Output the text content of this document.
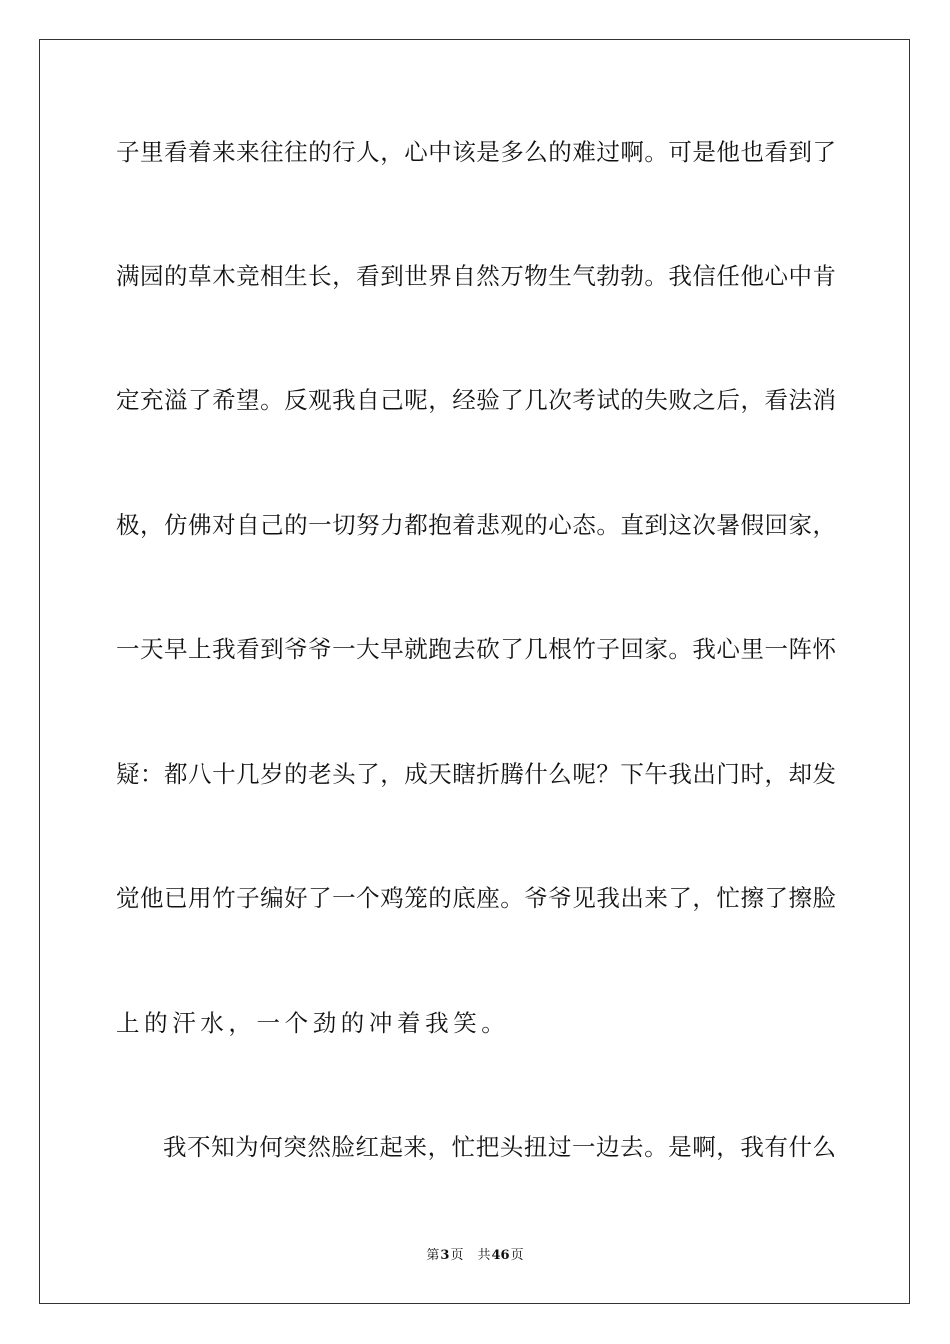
子里看着来来往往的行人，心中该是多么的难过啊。可是他也看到了
满园的草木竞相生长，看到世界自然万物生气勃勃。我信任他心中肯
定充溢了希望。反观我自己呢，经验了几次考试的失败之后，看法消
极，仿佛对自己的一切努力都抱着悲观的心态。直到这次暑假回家，
一天早上我看到爷爷一大早就跑去砍了几根竹子回家。我心里一阵怀
疑：都八十几岁的老头了，成天瞎折腾什么呢？下午我出门时，却发
觉他已用竹子编好了一个鸡笼的底座。爷爷见我出来了，忙擦了擦脸
上的汗水，一个劲的冲着我笑。
我不知为何突然脸红起来，忙把头扭过一边去。是啊，我有什么
第3页 共46页
